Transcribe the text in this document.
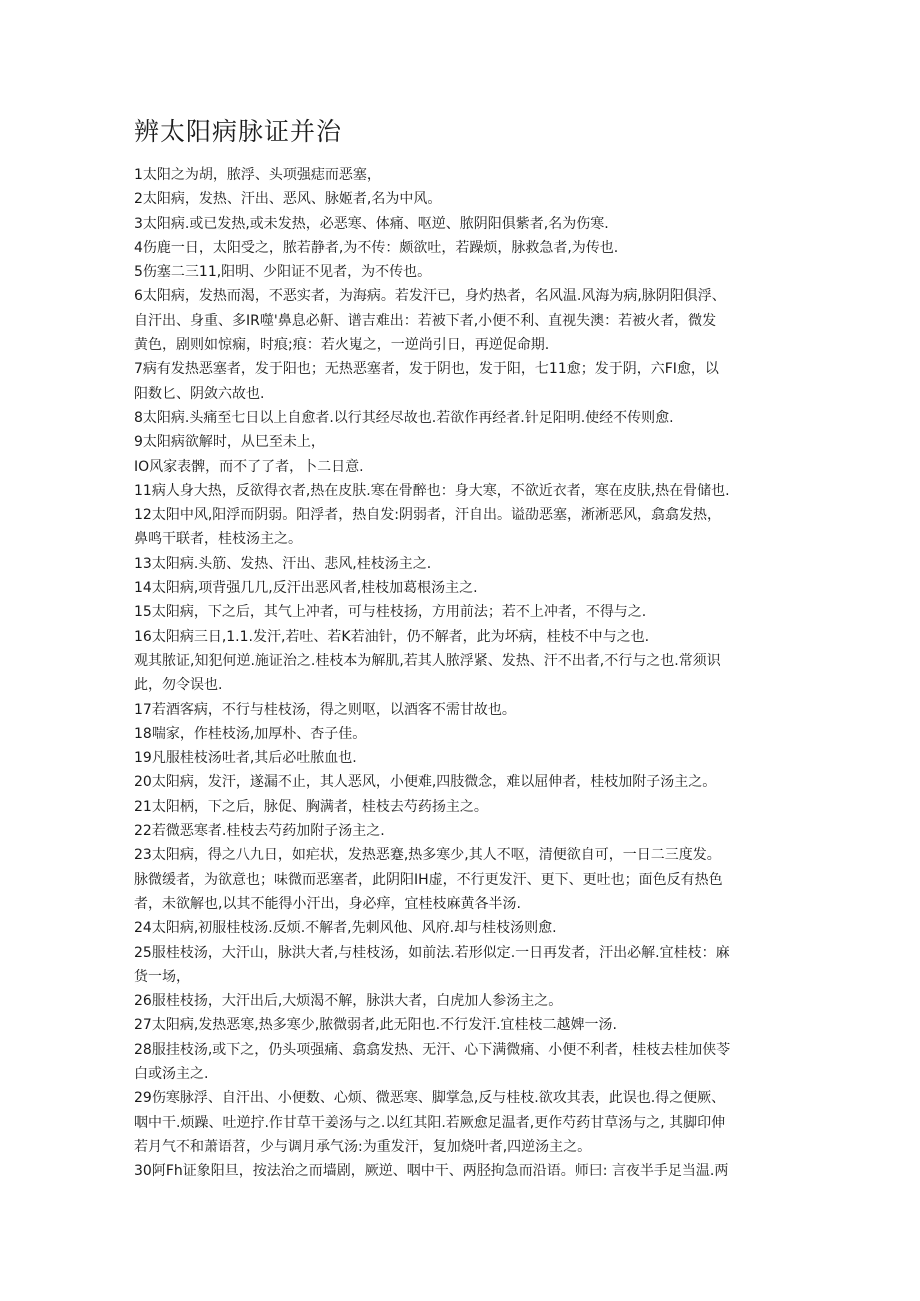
辨太阳病脉证并治
1太阳之为胡，脓浮、头项强痣而恶塞，
2太阳病，发热、汗出、恶风、脉姬者,名为中风。
3太阳病.或已发热,或未发热，必恶寒、体痛、呕逆、脓阴阳俱紫者,名为伤寒.
4伤鹿一日，太阳受之，脓若静者,为不传：颇欲吐，若躁烦，脉救急者,为传也.
5伤塞二三11,阳明、少阳证不见者，为不传也。
6太阳病，发热而渴，不恶实者，为海病。若发汗已，身灼热者，名风温.风海为病,脉阴阳俱浮、
自汗出、身重、多IR噬'鼻息必鼾、谱吉难出：若被下者,小便不利、直视失澳：若被火者，微发
黄色，剧则如惊痫，时痕;痕：若火嵬之，一逆尚引日，再逆促命期.
7病有发热恶塞者，发于阳也；无热恶塞者，发于阴也，发于阳，七11愈；发于阴，六FI愈，以
阳数匕、阴敛六故也.
8太阳病.头痛至七日以上自愈者.以行其经尽故也.若欲作再经者.针足阳明.使经不传则愈.
9太阳病欲解时，从巳至未上，
IO风家表髀，而不了了者，卜二日意.
11病人身大热，反欲得衣者,热在皮肤.寒在骨醉也：身大寒，不欲近衣者，寒在皮肤,热在骨储也.
12太阳中风,阳浮而阴弱。阳浮者，热自发:阴弱者，汗自出。谥劭恶塞，淅淅恶风，翕翕发热，
鼻鸣干联者，桂枝汤主之。
13太阳病.头筋、发热、汗出、悲风,桂枝汤主之.
14太阳病,项背强几几,反汗出恶风者,桂枝加葛根汤主之.
15太阳病，下之后，其气上冲者，可与桂枝扬，方用前法；若不上冲者，不得与之.
16太阳病三日,1.1.发汗,若吐、若K若油针，仍不解者，此为坏病，桂枝不中与之也.
观其脓证,知犯何逆.施证治之.桂枝本为解肌,若其人脓浮紧、发热、汗不出者,不行与之也.常须识
此，勿令误也.
17若酒客病，不行与桂枝汤，得之则呕，以酒客不需甘故也。
18喘家，作桂枝汤,加厚朴、杏子佳。
19凡服桂枝汤吐者,其后必吐脓血也.
20太阳病，发汗，遂漏不止，其人恶风，小便难,四肢微念，难以屈伸者，桂枝加附子汤主之。
21太阳柄，下之后，脉促、胸满者，桂枝去芍药扬主之。
22若微恶寒者.桂枝去芍药加附子汤主之.
23太阳病，得之八九日，如疟状，发热恶蹇,热多寒少,其人不呕，清便欲自可，一日二三度发。
脉微缓者，为欲意也；味微而恶塞者，此阴阳IH虚，不行更发汗、更下、更吐也；面色反有热色
者，未欲解也,以其不能得小汗出，身必痒，宜桂枝麻黄各半汤.
24太阳病,初服桂枝汤.反烦.不解者,先刺风他、风府.却与桂枝汤则愈.
25服桂枝汤，大汗山，脉洪大者,与桂枝汤，如前法.若形似定.一日再发者，汗出必解.宜桂枝：麻
货一场，
26服桂枝扬，大汗出后,大烦渴不解，脉洪大者，白虎加人参汤主之。
27太阳病,发热恶寒,热多寒少,脓微弱者,此无阳也.不行发汗.宜桂枝二越婢一汤.
28服挂枝汤,或下之，仍头项强痛、翕翕发热、无汗、心下满微痛、小便不利者，桂枝去桂加侠苓
白或汤主之.
29伤寒脉浮、自汗出、小便数、心烦、微恶寒、脚掌急,反与桂枝.欲攻其表，此误也.得之便厥、
咽中干.烦躁、吐逆拧.作甘草干姜汤与之.以红其阳.若厥愈足温者,更作芍药甘草汤与之, 其脚印伸
若月气不和萧语苕，少与调月承气汤:为重发汗，复加烧叶者,四逆汤主之。
30阿Fh证象阳旦，按法治之而墙剧，厥逆、咽中干、两胫拘急而沿语。师曰: 言夜半手足当温.两
